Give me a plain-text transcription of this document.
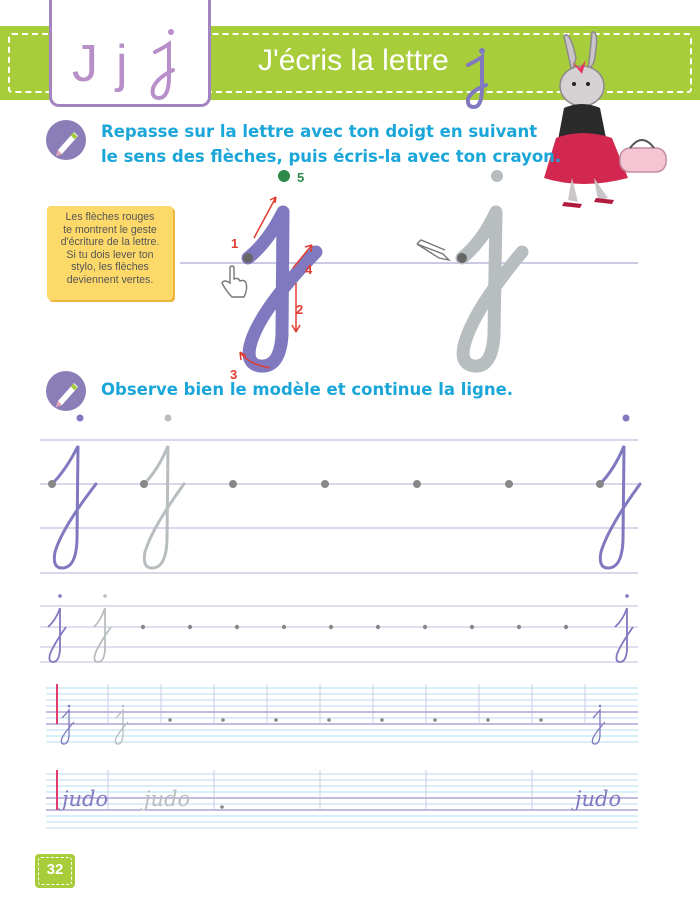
J j	J'écris la lettre
Repasse sur la lettre avec ton doigt en suivant
le sens des flèches, puis écris-la avec ton crayon.
Les flèches rouges
te montrent le geste
d'écriture de la lettre.
Si tu dois lever ton
stylo, les flèches
deviennent vertes.
1
2
3
4
5
Observe bien le modèle et continue la ligne.
judo judo	judo
32
